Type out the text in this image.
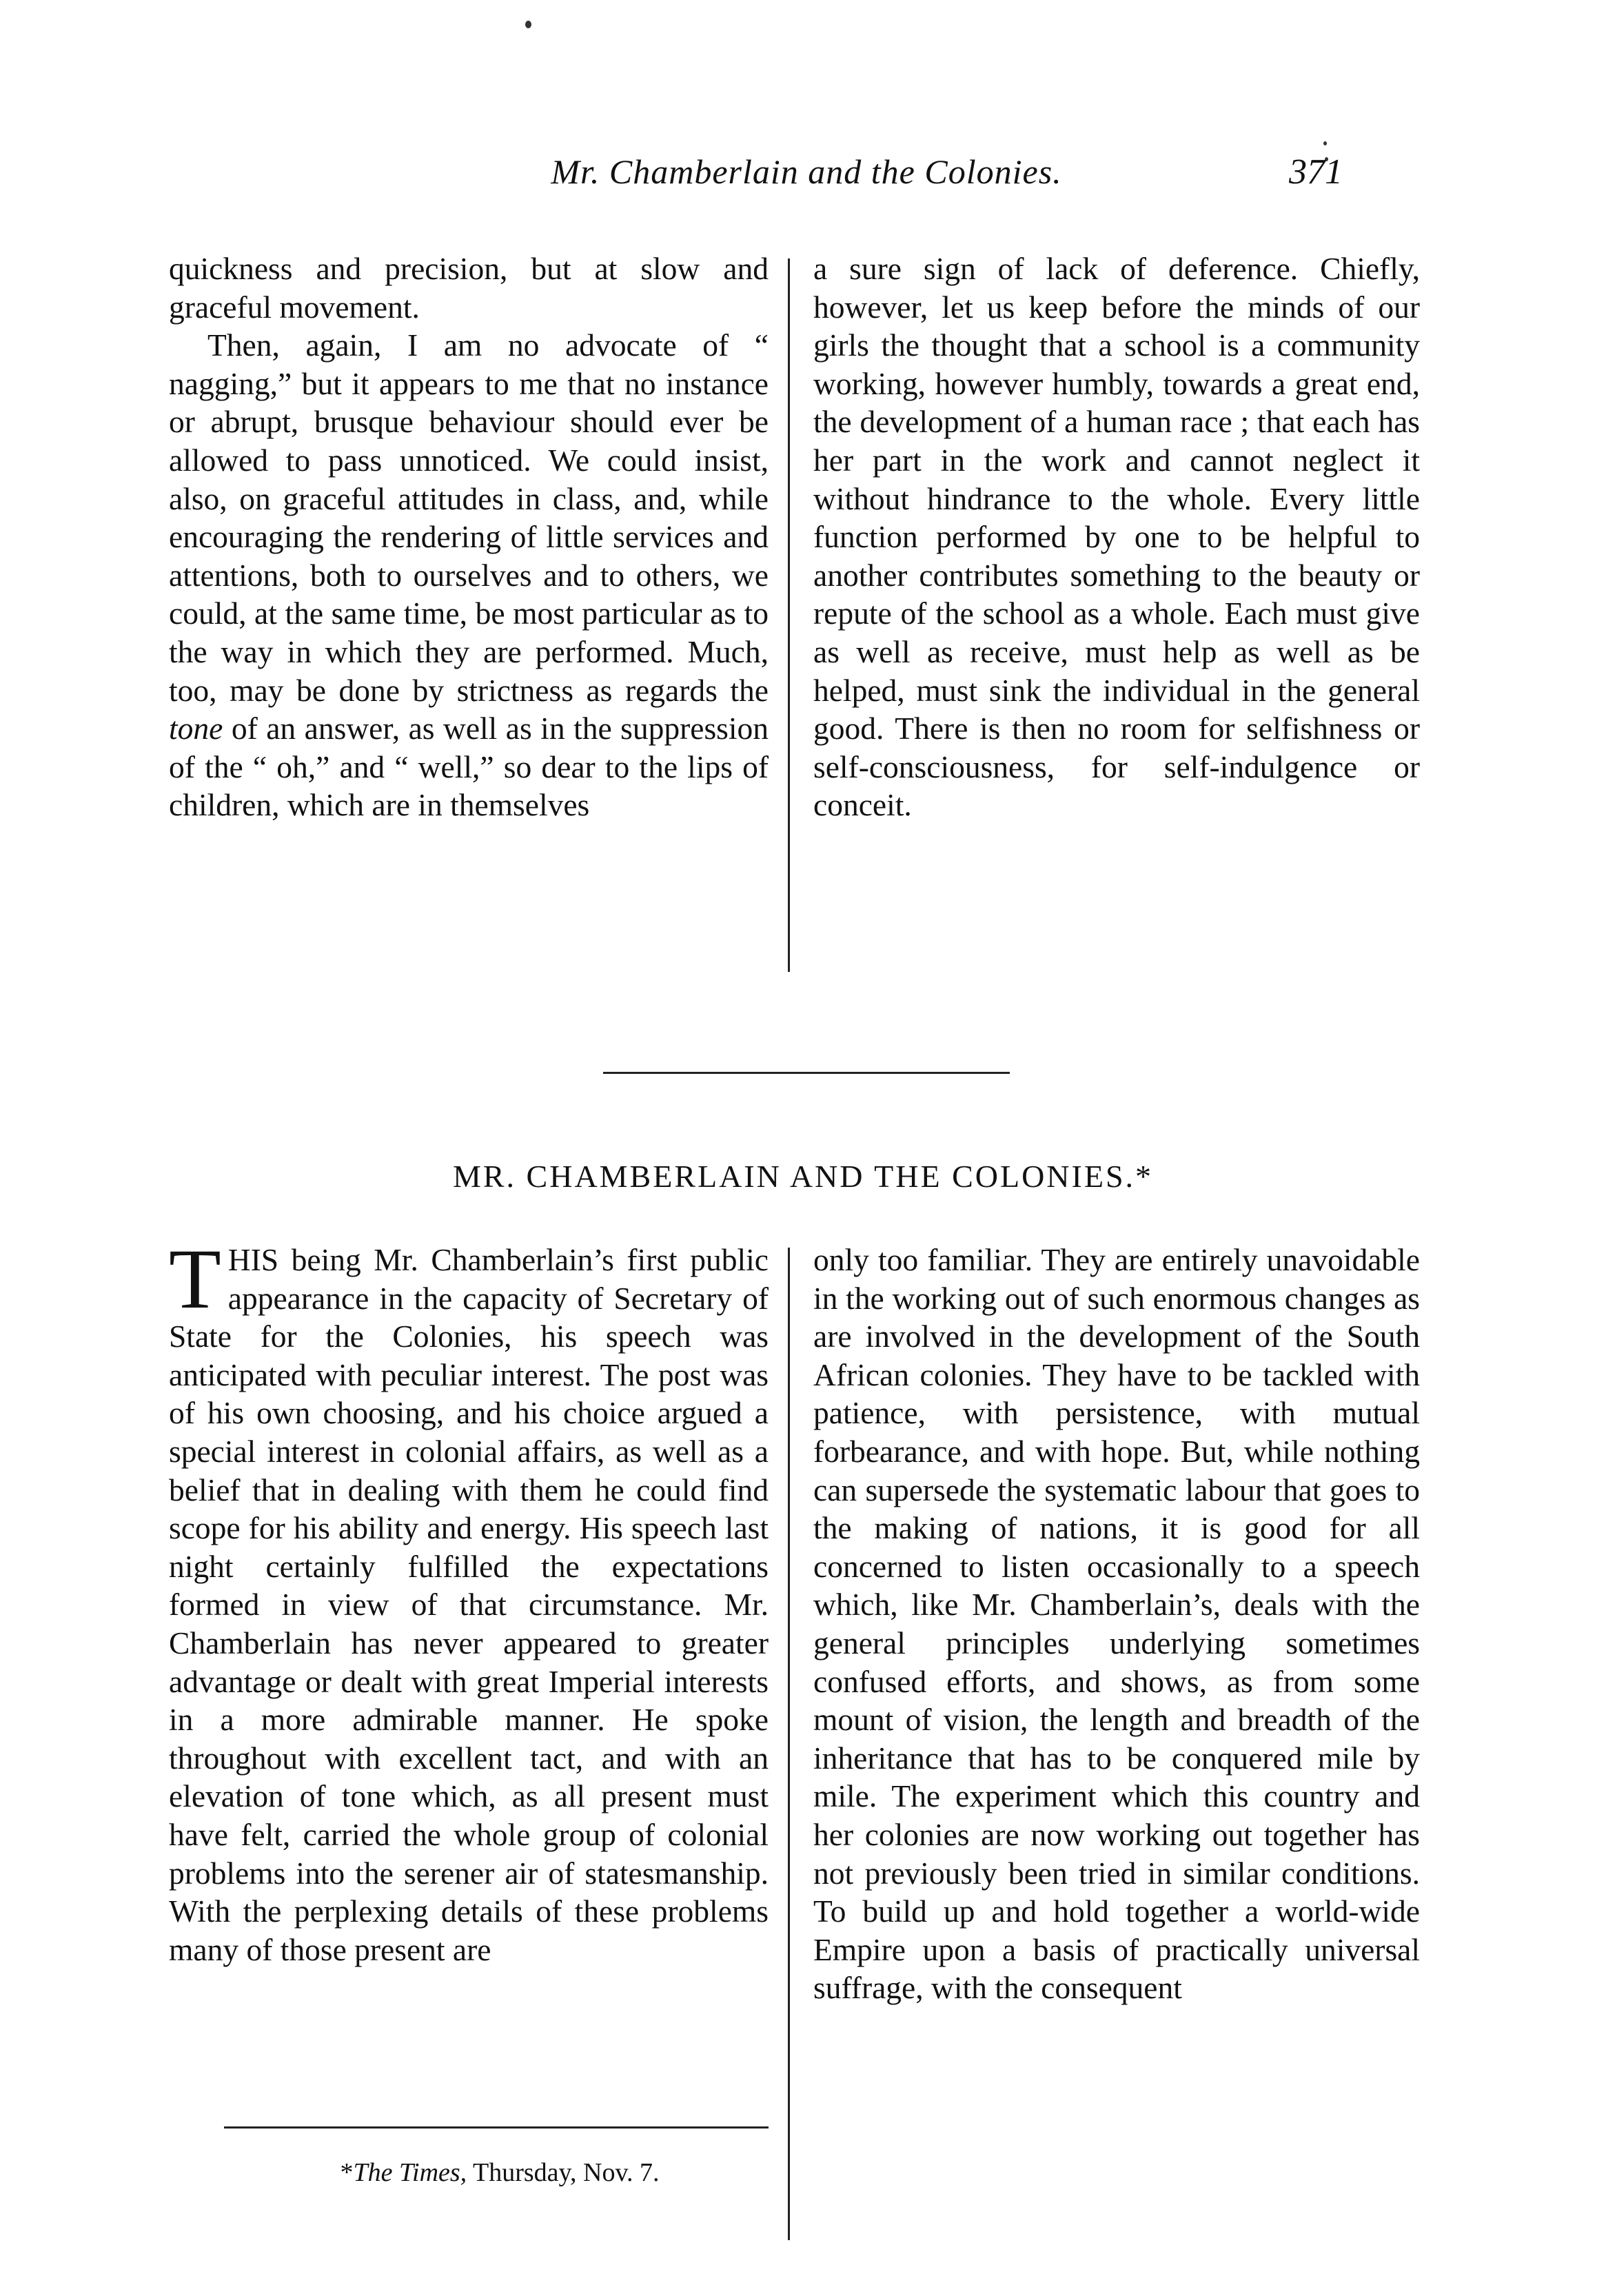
Mr. Chamberlain and the Colonies.	371

quickness and precision, but at slow and graceful movement.

Then, again, I am no advocate of “ nagging,” but it appears to me that no instance or abrupt, brusque behaviour should ever be allowed to pass unnoticed. We could insist, also, on graceful attitudes in class, and, while encouraging the rendering of little services and attentions, both to ourselves and to others, we could, at the same time, be most particular as to the way in which they are performed. Much, too, may be done by strictness as regards the tone of an answer, as well as in the suppression of the “ oh,” and “ well,” so dear to the lips of children, which are in themselves

a sure sign of lack of deference. Chiefly, however, let us keep before the minds of our girls the thought that a school is a community working, however humbly, towards a great end, the development of a human race ; that each has her part in the work and cannot neglect it without hindrance to the whole. Every little function performed by one to be helpful to another contributes something to the beauty or repute of the school as a whole. Each must give as well as receive, must help as well as be helped, must sink the individual in the general good. There is then no room for selfishness or self-consciousness, for self-indulgence or conceit.

MR. CHAMBERLAIN AND THE COLONIES.*

THIS being Mr. Chamberlain’s first public appearance in the capacity of Secretary of State for the Colonies, his speech was anticipated with peculiar interest. The post was of his own choosing, and his choice argued a special interest in colonial affairs, as well as a belief that in dealing with them he could find scope for his ability and energy. His speech last night certainly fulfilled the expectations formed in view of that circumstance. Mr. Chamberlain has never appeared to greater advantage or dealt with great Imperial interests in a more admirable manner. He spoke throughout with excellent tact, and with an elevation of tone which, as all present must have felt, carried the whole group of colonial problems into the serener air of statesmanship. With the perplexing details of these problems many of those present are

only too familiar. They are entirely unavoidable in the working out of such enormous changes as are involved in the development of the South African colonies. They have to be tackled with patience, with persistence, with mutual forbearance, and with hope. But, while nothing can supersede the systematic labour that goes to the making of nations, it is good for all concerned to listen occasionally to a speech which, like Mr. Chamberlain’s, deals with the general principles underlying sometimes confused efforts, and shows, as from some mount of vision, the length and breadth of the inheritance that has to be conquered mile by mile. The experiment which this country and her colonies are now working out together has not previously been tried in similar conditions. To build up and hold together a world-wide Empire upon a basis of practically universal suffrage, with the consequent

*The Times, Thursday, Nov. 7.
